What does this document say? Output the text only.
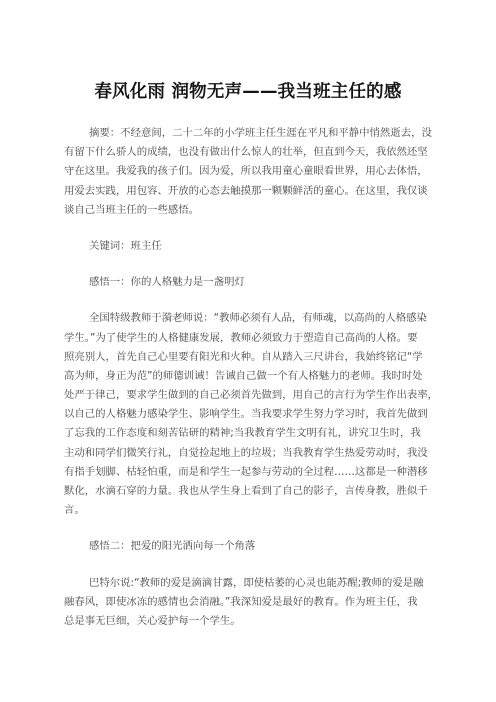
春风化雨 润物无声——我当班主任的感
摘要：不经意间，二十二年的小学班主任生涯在平凡和平静中悄然逝去，没
有留下什么骄人的成绩，也没有做出什么惊人的壮举，但直到今天，我依然还坚
守在这里。我爱我的孩子们。因为爱，所以我用童心童眼看世界，用心去体悟，
用爱去实践，用包容、开放的心态去触摸那一颗颗鲜活的童心。在这里，我仅谈
谈自己当班主任的一些感悟。
关键词：班主任
感悟一：你的人格魅力是一盏明灯
全国特级教师于漪老师说：“教师必须有人品，有师魂，以高尚的人格感染
学生。”为了使学生的人格健康发展，教师必须致力于塑造自己高尚的人格。要
照亮别人，首先自己心里要有阳光和火种。自从踏入三尺讲台，我始终铭记“学
高为师，身正为范”的师德训诫！告诫自己做一个有人格魅力的老师。我时时处
处严于律己，要求学生做到的自己必须首先做到，用自己的言行为学生作出表率，
以自己的人格魅力感染学生、影响学生。当我要求学生努力学习时，我首先做到
了忘我的工作态度和刻苦钻研的精神;当我教育学生文明有礼，讲究卫生时，我
主动和同学们微笑行礼，自觉捡起地上的垃圾；当我教育学生热爱劳动时，我没
有指手划脚、枯轻怕重，而是和学生一起参与劳动的全过程……这都是一种潜移
默化，水滴石穿的力量。我也从学生身上看到了自己的影子，言传身教，胜似千
言。
感悟二：把爱的阳光洒向每一个角落
巴特尔说:“教师的爱是滴滴甘露，即使枯萎的心灵也能苏醒;教师的爱是融
融春风，即使冰冻的感情也会消融。”我深知爱是最好的教育。作为班主任，我
总是事无巨细，关心爱护每一个学生。
